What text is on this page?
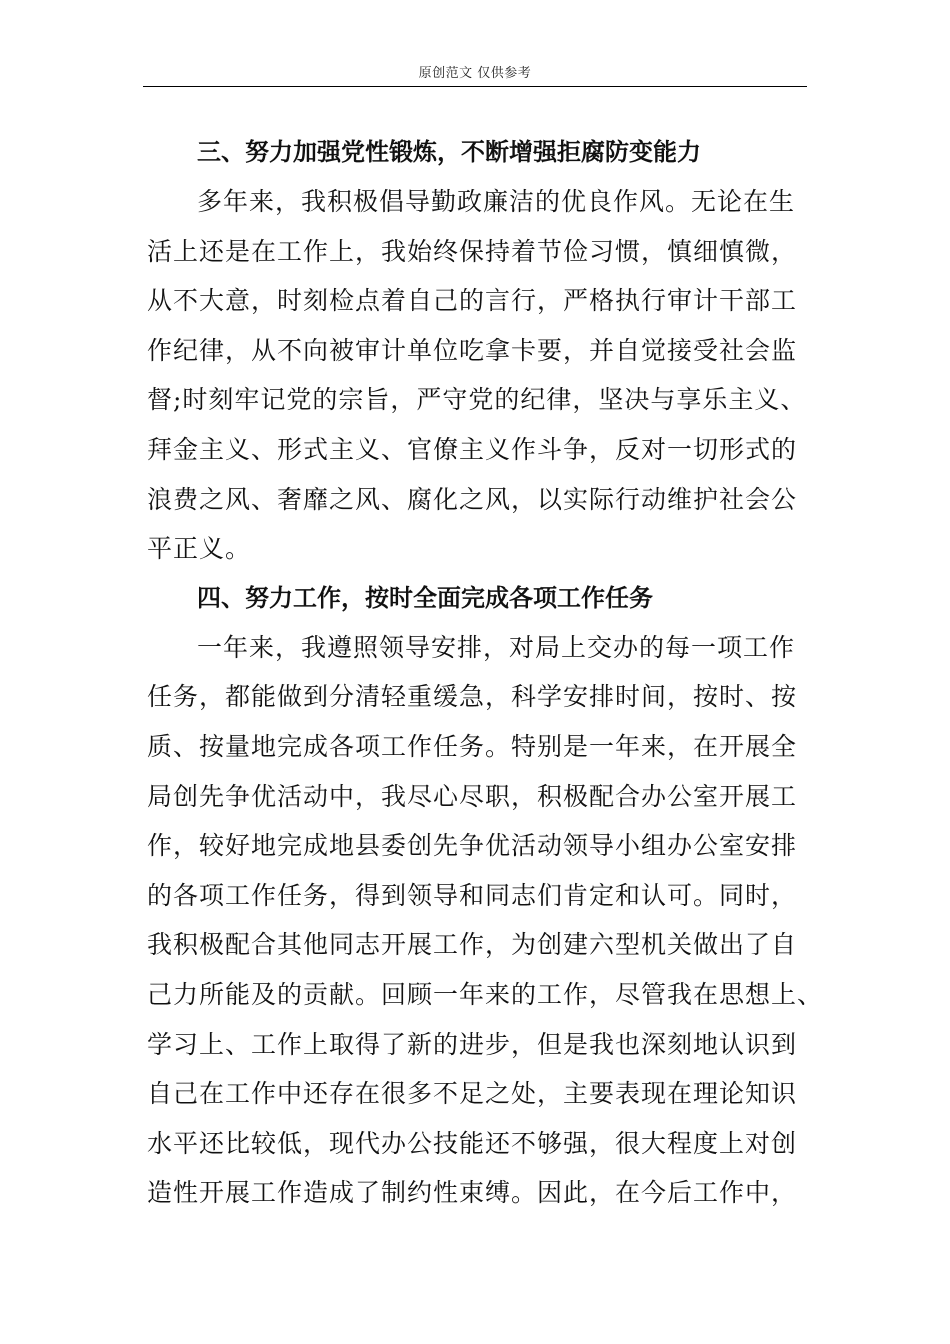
原创范文 仅供参考
三、努力加强党性锻炼，不断增强拒腐防变能力
多年来，我积极倡导勤政廉洁的优良作风。无论在生
活上还是在工作上，我始终保持着节俭习惯，慎细慎微，
从不大意，时刻检点着自己的言行，严格执行审计干部工
作纪律，从不向被审计单位吃拿卡要，并自觉接受社会监
督;时刻牢记党的宗旨，严守党的纪律，坚决与享乐主义、
拜金主义、形式主义、官僚主义作斗争，反对一切形式的
浪费之风、奢靡之风、腐化之风，以实际行动维护社会公
平正义。
四、努力工作，按时全面完成各项工作任务
一年来，我遵照领导安排，对局上交办的每一项工作
任务，都能做到分清轻重缓急，科学安排时间，按时、按
质、按量地完成各项工作任务。特别是一年来，在开展全
局创先争优活动中，我尽心尽职，积极配合办公室开展工
作，较好地完成地县委创先争优活动领导小组办公室安排
的各项工作任务，得到领导和同志们肯定和认可。同时，
我积极配合其他同志开展工作，为创建六型机关做出了自
己力所能及的贡献。回顾一年来的工作，尽管我在思想上、
学习上、工作上取得了新的进步，但是我也深刻地认识到
自己在工作中还存在很多不足之处，主要表现在理论知识
水平还比较低，现代办公技能还不够强，很大程度上对创
造性开展工作造成了制约性束缚。因此，在今后工作中，
